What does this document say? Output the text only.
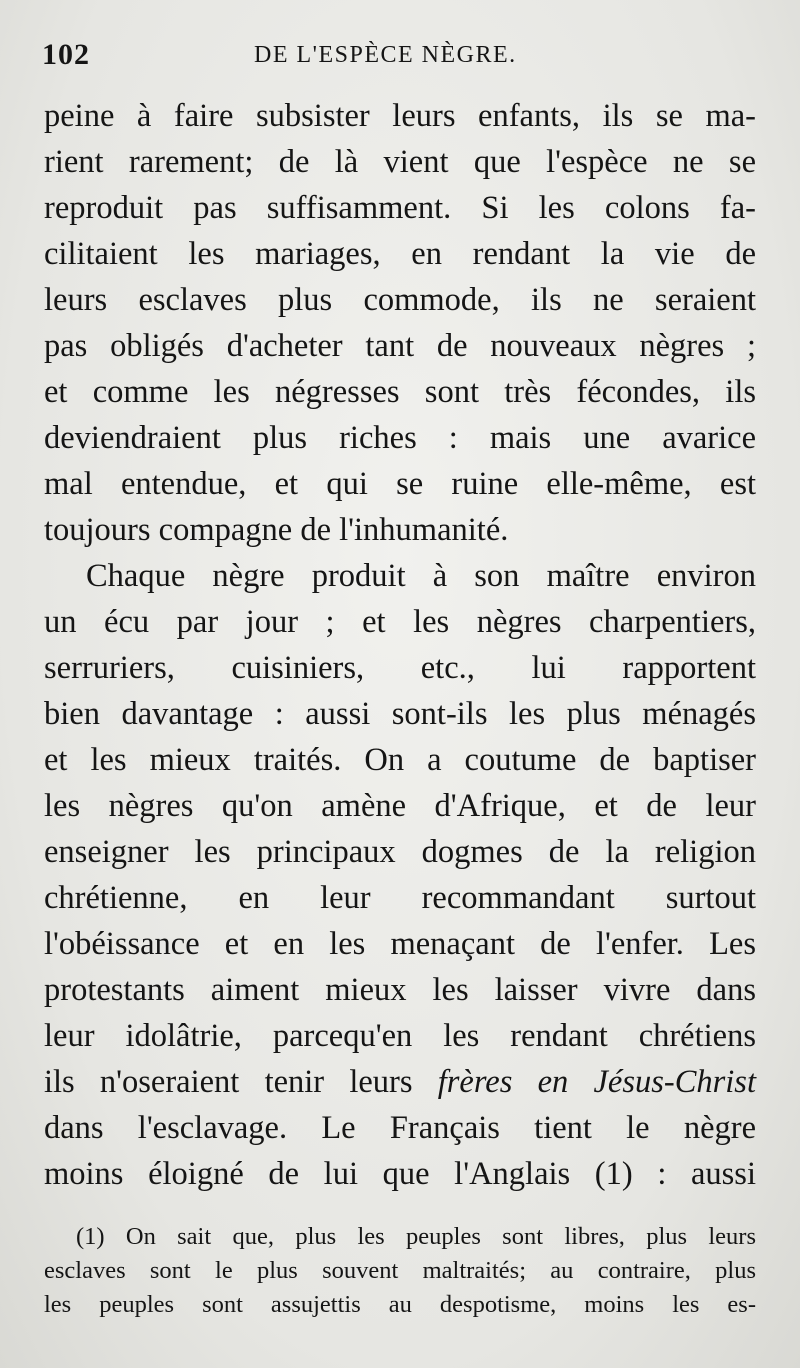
102	DE L'ESPÈCE NÈGRE.
peine à faire subsister leurs enfants, ils se ma-
rient rarement; de là vient que l'espèce ne se
reproduit pas suffisamment. Si les colons fa-
cilitaient les mariages, en rendant la vie de
leurs esclaves plus commode, ils ne seraient
pas obligés d'acheter tant de nouveaux nègres ;
et comme les négresses sont très fécondes, ils
deviendraient plus riches : mais une avarice
mal entendue, et qui se ruine elle-même, est
toujours compagne de l'inhumanité.
Chaque nègre produit à son maître environ
un écu par jour ; et les nègres charpentiers,
serruriers, cuisiniers, etc., lui rapportent
bien davantage : aussi sont-ils les plus ménagés
et les mieux traités. On a coutume de baptiser
les nègres qu'on amène d'Afrique, et de leur
enseigner les principaux dogmes de la religion
chrétienne, en leur recommandant surtout
l'obéissance et en les menaçant de l'enfer. Les
protestants aiment mieux les laisser vivre dans
leur idolâtrie, parcequ'en les rendant chrétiens
ils n'oseraient tenir leurs frères en Jésus-Christ
dans l'esclavage. Le Français tient le nègre
moins éloigné de lui que l'Anglais (1) : aussi
(1) On sait que, plus les peuples sont libres, plus leurs
esclaves sont le plus souvent maltraités; au contraire, plus
les peuples sont assujettis au despotisme, moins les es-
